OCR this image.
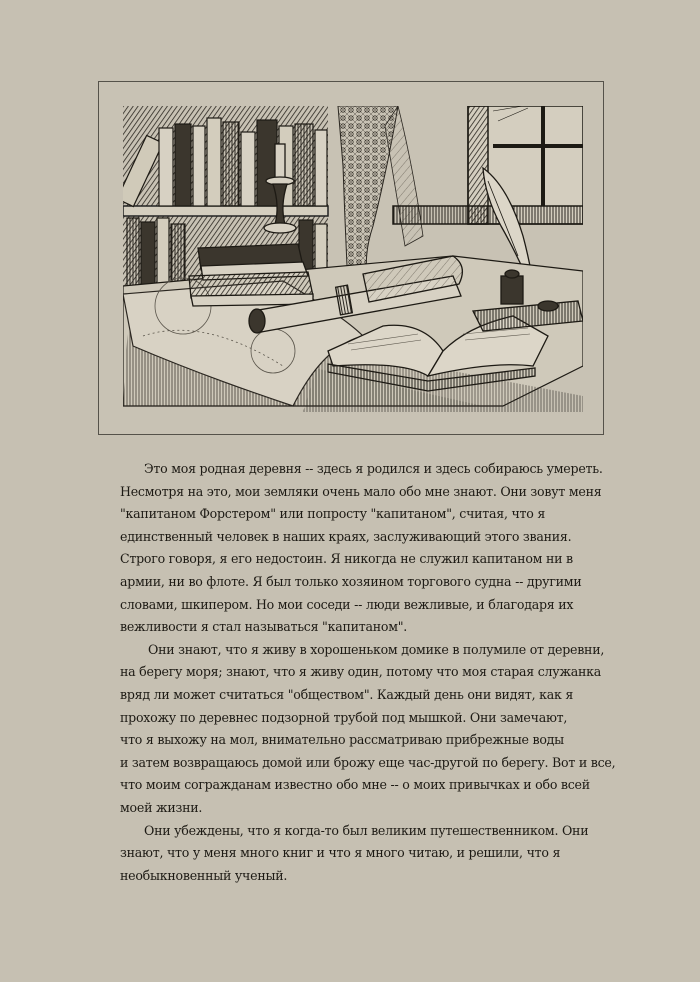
Это моя родная деревня -- здесь я родился и здесь собираюсь умереть.
Несмотря на это, мои земляки очень мало обо мне знают. Они зовут меня
"капитаном Форстером" или попросту "капитаном", считая, что я
единственный человек в наших краях, заслуживающий этого звания.
Строго говоря, я его недостоин. Я никогда не служил капитаном ни в
армии, ни во флоте. Я был только хозяином торгового судна -- другими
словами, шкипером. Но мои соседи -- люди вежливые, и благодаря их
вежливости я стал называться "капитаном".

Они знают, что я живу в хорошеньком домике в полумиле от деревни,
на берегу моря; знают, что я живу один, потому что моя старая служанка
вряд ли может считаться "обществом". Каждый день они видят, как я
прохожу по деревнес подзорной трубой под мышкой. Они замечают,
что я выхожу на мол, внимательно рассматриваю прибрежные воды
и затем возвращаюсь домой или брожу еще час-другой по берегу. Вот и все,
что моим согражданам известно обо мне -- о моих привычках и обо всей
моей жизни.

Они убеждены, что я когда-то был великим путешественником. Они
знают, что у меня много книг и что я много читаю, и решили, что я
необыкновенный ученый.
